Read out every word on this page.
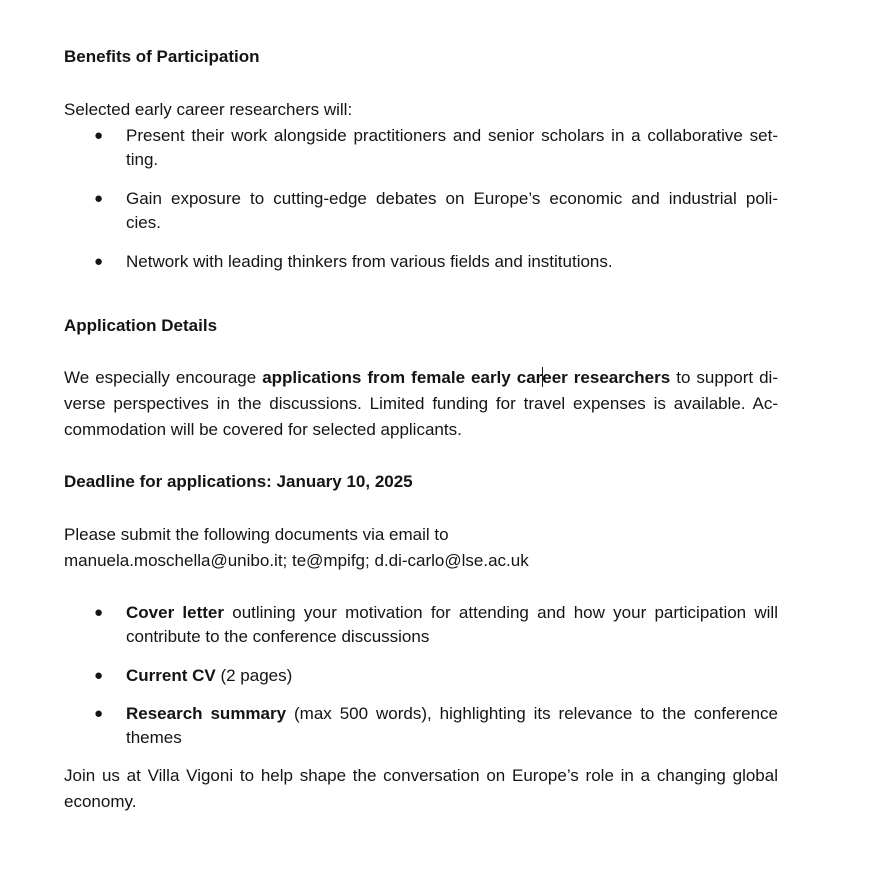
Benefits of Participation
Selected early career researchers will:
● Present their work alongside practitioners and senior scholars in a collaborative set-
ting.
● Gain exposure to cutting-edge debates on Europe’s economic and industrial poli-
cies.
● Network with leading thinkers from various fields and institutions.
Application Details
We especially encourage applications from female early career researchers to support di-
verse perspectives in the discussions. Limited funding for travel expenses is available. Ac-
commodation will be covered for selected applicants.
Deadline for applications: January 10, 2025
Please submit the following documents via email to
manuela.moschella@unibo.it; te@mpifg; d.di-carlo@lse.ac.uk
● Cover letter outlining your motivation for attending and how your participation will
contribute to the conference discussions
● Current CV (2 pages)
● Research summary (max 500 words), highlighting its relevance to the conference
themes
Join us at Villa Vigoni to help shape the conversation on Europe’s role in a changing global
economy.
